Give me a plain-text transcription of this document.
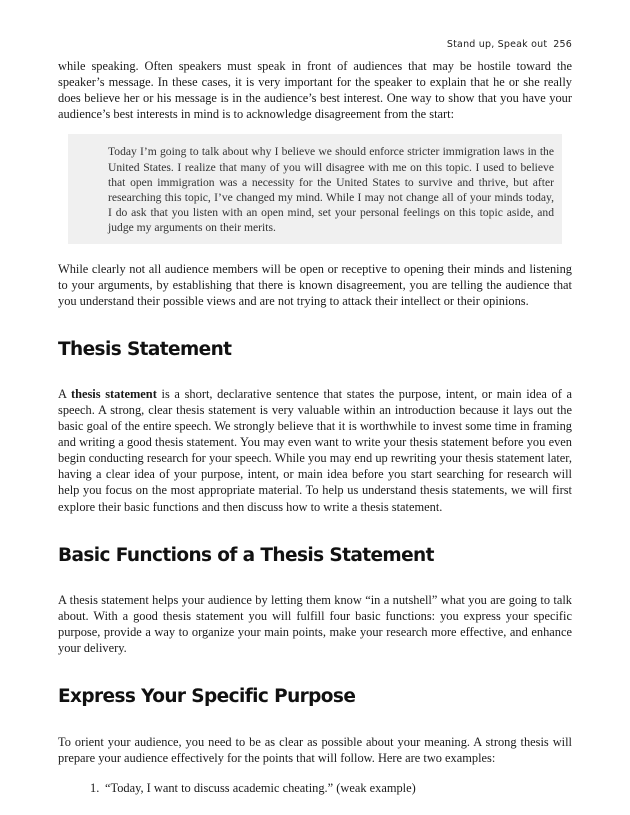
Stand up, Speak out 256

while speaking. Often speakers must speak in front of audiences that may be hostile toward the speaker’s message. In these cases, it is very important for the speaker to explain that he or she really does believe her or his message is in the audience’s best interest. One way to show that you have your audience’s best interests in mind is to acknowledge disagreement from the start:

Today I’m going to talk about why I believe we should enforce stricter immigration laws in the United States. I realize that many of you will disagree with me on this topic. I used to believe that open immigration was a necessity for the United States to survive and thrive, but after researching this topic, I’ve changed my mind. While I may not change all of your minds today, I do ask that you listen with an open mind, set your personal feelings on this topic aside, and judge my arguments on their merits.

While clearly not all audience members will be open or receptive to opening their minds and listening to your arguments, by establishing that there is known disagreement, you are telling the audience that you understand their possible views and are not trying to attack their intellect or their opinions.

Thesis Statement

A thesis statement is a short, declarative sentence that states the purpose, intent, or main idea of a speech. A strong, clear thesis statement is very valuable within an introduction because it lays out the basic goal of the entire speech. We strongly believe that it is worthwhile to invest some time in framing and writing a good thesis statement. You may even want to write your thesis statement before you even begin conducting research for your speech. While you may end up rewriting your thesis statement later, having a clear idea of your purpose, intent, or main idea before you start searching for research will help you focus on the most appropriate material. To help us understand thesis statements, we will first explore their basic functions and then discuss how to write a thesis statement.

Basic Functions of a Thesis Statement

A thesis statement helps your audience by letting them know “in a nutshell” what you are going to talk about. With a good thesis statement you will fulfill four basic functions: you express your specific purpose, provide a way to organize your main points, make your research more effective, and enhance your delivery.

Express Your Specific Purpose

To orient your audience, you need to be as clear as possible about your meaning. A strong thesis will prepare your audience effectively for the points that will follow. Here are two examples:

1. “Today, I want to discuss academic cheating.” (weak example)
